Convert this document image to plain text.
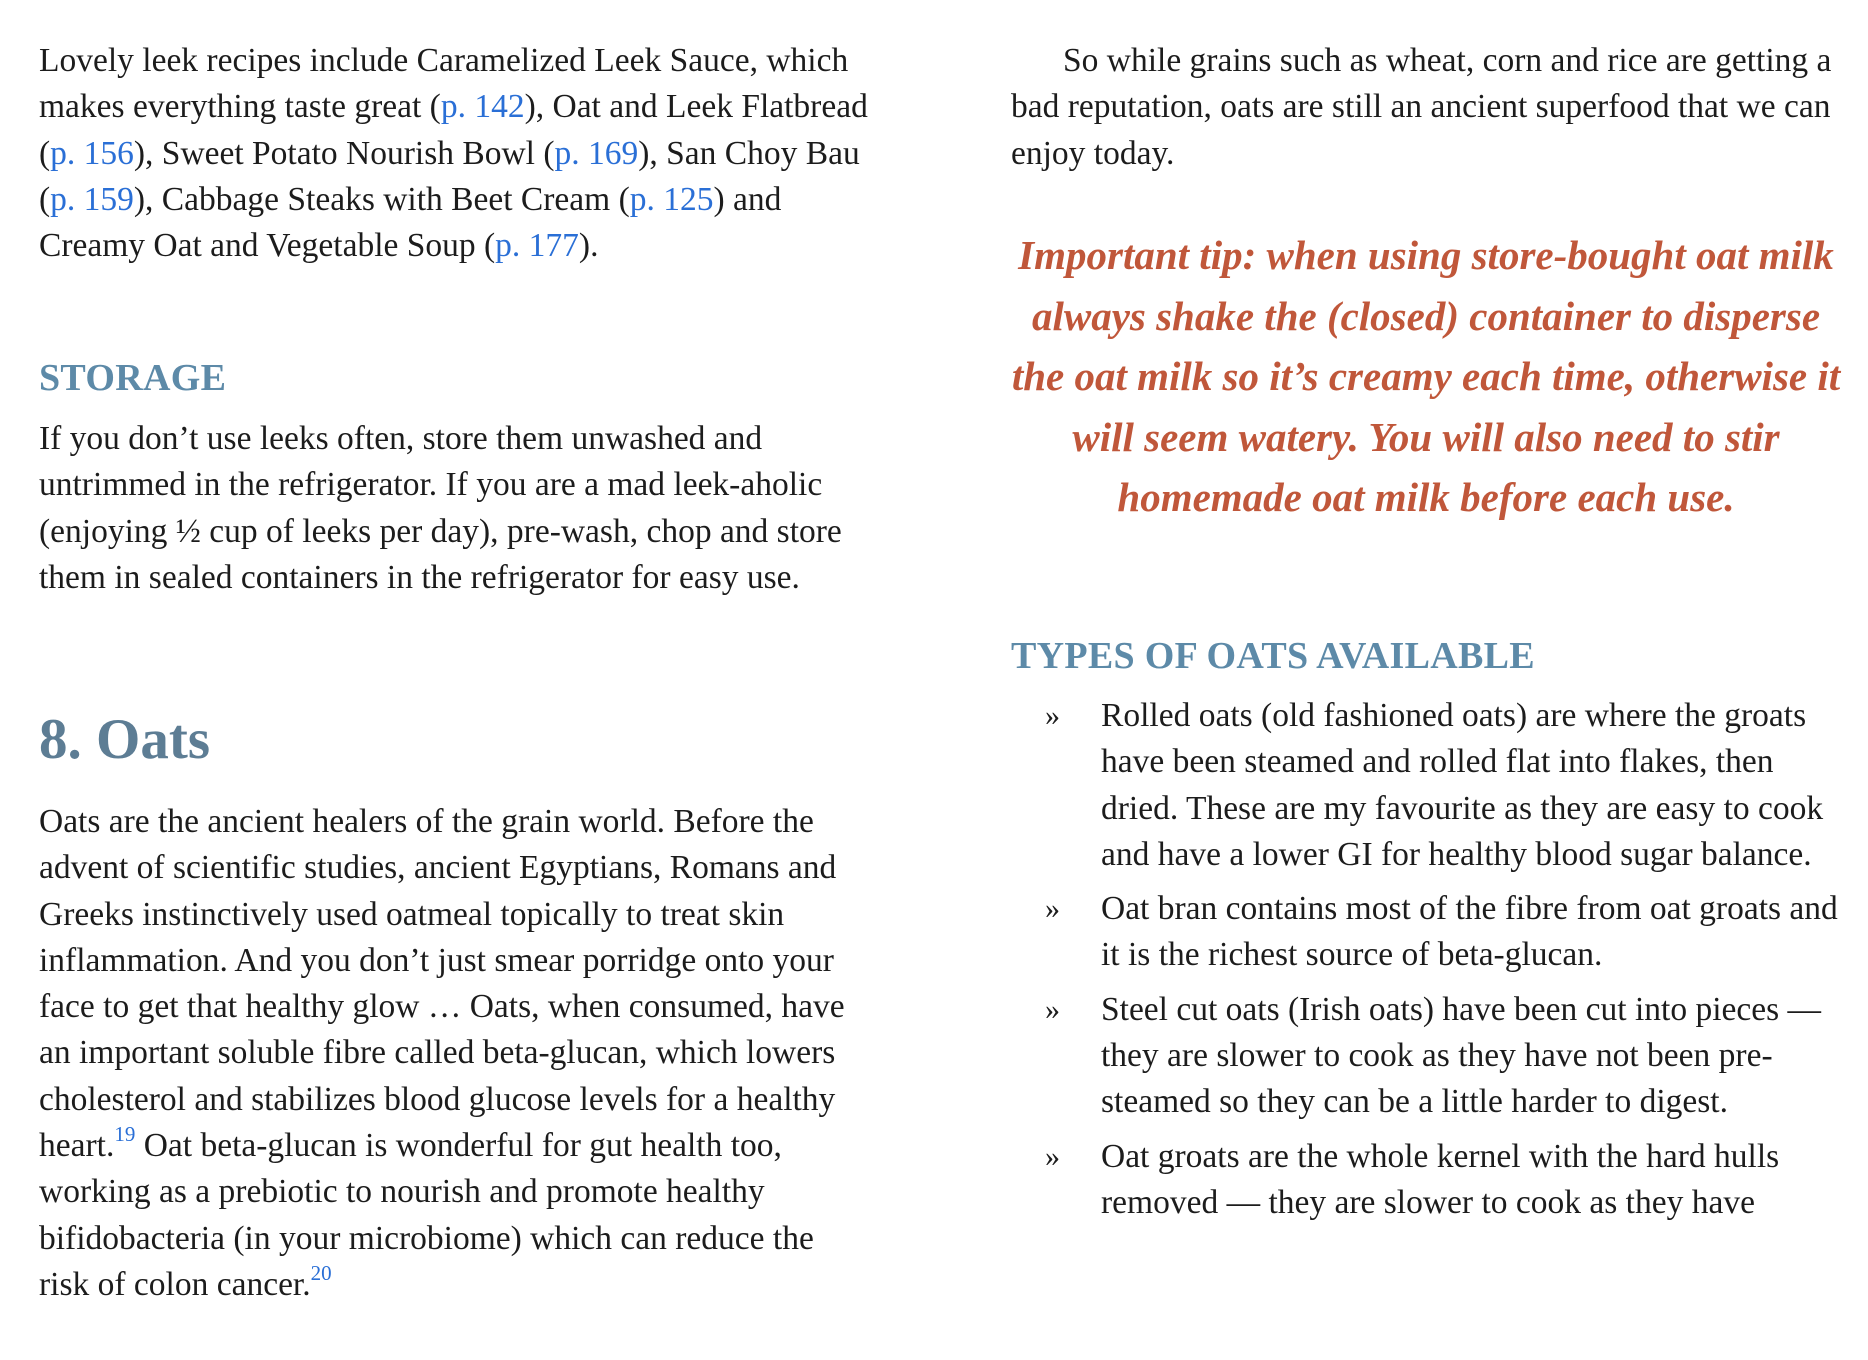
Lovely leek recipes include Caramelized Leek Sauce, which makes everything taste great (p. 142), Oat and Leek Flatbread (p. 156), Sweet Potato Nourish Bowl (p. 169), San Choy Bau (p. 159), Cabbage Steaks with Beet Cream (p. 125) and Creamy Oat and Vegetable Soup (p. 177).

STORAGE

If you don’t use leeks often, store them unwashed and untrimmed in the refrigerator. If you are a mad leek-aholic (enjoying ½ cup of leeks per day), pre-wash, chop and store them in sealed containers in the refrigerator for easy use.

8. Oats

Oats are the ancient healers of the grain world. Before the advent of scientific studies, ancient Egyptians, Romans and Greeks instinctively used oatmeal topically to treat skin inflammation. And you don’t just smear porridge onto your face to get that healthy glow … Oats, when consumed, have an important soluble fibre called beta-glucan, which lowers cholesterol and stabilizes blood glucose levels for a healthy heart.$^{19}$ Oat beta-glucan is wonderful for gut health too, working as a prebiotic to nourish and promote healthy bifidobacteria (in your microbiome) which can reduce the risk of colon cancer.$^{20}$

So while grains such as wheat, corn and rice are getting a bad reputation, oats are still an ancient superfood that we can enjoy today.

Important tip: when using store-bought oat milk always shake the (closed) container to disperse the oat milk so it’s creamy each time, otherwise it will seem watery. You will also need to stir homemade oat milk before each use.

TYPES OF OATS AVAILABLE
» Rolled oats (old fashioned oats) are where the groats have been steamed and rolled flat into flakes, then dried. These are my favourite as they are easy to cook and have a lower GI for healthy blood sugar balance.

» Oat bran contains most of the fibre from oat groats and it is the richest source of beta-glucan.

» Steel cut oats (Irish oats) have been cut into pieces — they are slower to cook as they have not been pre-steamed so they can be a little harder to digest.

» Oat groats are the whole kernel with the hard hulls removed — they are slower to cook as they have
